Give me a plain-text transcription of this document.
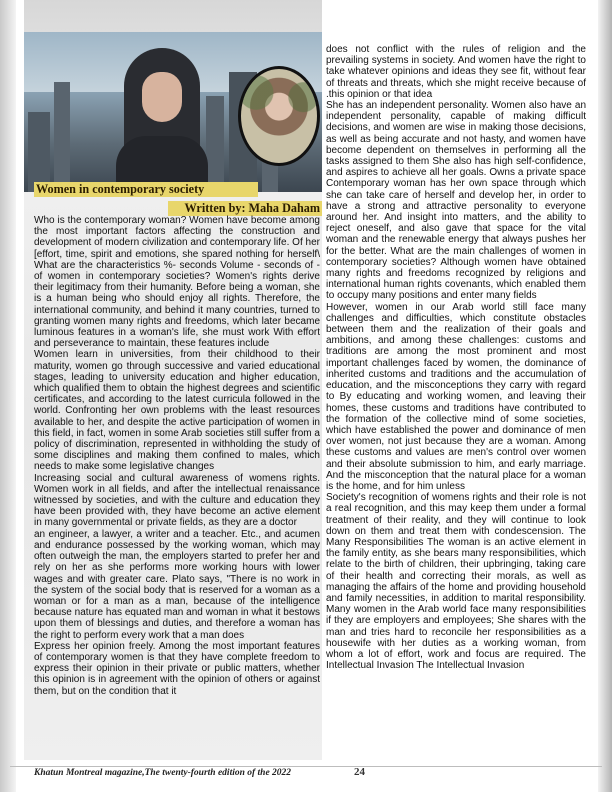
Women in contemporary society
Written by: Maha Daham

Who is the contemporary woman? Women have become among the most important factors affecting the construction and development of modern civilization and contemporary life. Of her [effort, time, spirit and emotions, she spared nothing for herself\ What are the characteristics %- seconds Volume - seconds of - of women in contemporary societies? Women's rights derive their legitimacy from their humanity. Before being a woman, she is a human being who should enjoy all rights. Therefore, the international community, and behind it many countries, turned to granting women many rights and freedoms, which later became luminous features in a woman's life, she must work With effort and perseverance to maintain, these features include

Women learn in universities, from their childhood to their maturity, women go through successive and varied educational stages, leading to university education and higher education, which qualified them to obtain the highest degrees and scientific certificates, and according to the latest curricula followed in the world. Confronting her own problems with the least resources available to her, and despite the active participation of women in this field, in fact, women in some Arab societies still suffer from a policy of discrimination, represented in withholding the study of some disciplines and making them confined to males, which needs to make some legislative changes

Increasing social and cultural awareness of womens rights. Women work in all fields, and after the intellectual renaissance witnessed by societies, and with the culture and education they have been provided with, they have become an active element in many governmental or private fields, as they are a doctor

an engineer, a lawyer, a writer and a teacher. Etc., and acumen and endurance possessed by the working woman, which may often outweigh the man, the employers started to prefer her and rely on her as she performs more working hours with lower wages and with greater care. Plato says, "There is no work in the system of the social body that is reserved for a woman as a woman or for a man as a man, because of the intelligence because nature has equated man and woman in what it bestows upon them of blessings and duties, and therefore a woman has the right to perform every work that a man does

Express her opinion freely. Among the most important features of contemporary women is that they have complete freedom to express their opinion in their private or public matters, whether this opinion is in agreement with the opinion of others or against them, but on the condition that it

does not conflict with the rules of religion and the prevailing systems in society. And women have the right to take whatever opinions and ideas they see fit, without fear of threats and threats, which she might receive because of .this opinion or that idea

She has an independent personality. Women also have an independent personality, capable of making difficult decisions, and women are wise in making those decisions, as well as being accurate and not hasty, and women have become dependent on themselves in performing all the tasks assigned to them She also has high self-confidence, and aspires to achieve all her goals. Owns a private space Contemporary woman has her own space through which she can take care of herself and develop her, in order to have a strong and attractive personality to everyone around her. And insight into matters, and the ability to reject oneself, and also gave that space for the vital woman and the renewable energy that always pushes her for the better. What are the main challenges of women in contemporary societies? Although women have obtained many rights and freedoms recognized by religions and international human rights covenants, which enabled them to occupy many positions and enter many fields

However, women in our Arab world still face many challenges and difficulties, which constitute obstacles between them and the realization of their goals and ambitions, and among these challenges: customs and traditions are among the most prominent and most important challenges faced by women, the dominance of inherited customs and traditions and the accumulation of education, and the misconceptions they carry with regard to By educating and working women, and leaving their homes, these customs and traditions have contributed to the formation of the collective mind of some societies, which have established the power and dominance of men over women, not just because they are a woman. Among these customs and values are men's control over women and their absolute submission to him, and early marriage. And the misconception that the natural place for a woman is the home, and for him unless

Society's recognition of womens rights and their role is not a real recognition, and this may keep them under a formal treatment of their reality, and they will continue to look down on them and treat them with condescension. The Many Responsibilities The woman is an active element in the family entity, as she bears many responsibilities, which relate to the birth of children, their upbringing, taking care of their health and correcting their morals, as well as managing the affairs of the home and providing household and family necessities, in addition to marital responsibility. Many women in the Arab world face many responsibilities if they are employers and employees; She shares with the man and tries hard to reconcile her responsibilities as a housewife with her duties as a working woman, from whom a lot of effort, work and focus are required. The Intellectual Invasion The Intellectual Invasion

Khatun Montreal magazine,The twenty-fourth edition of the 2022	24
